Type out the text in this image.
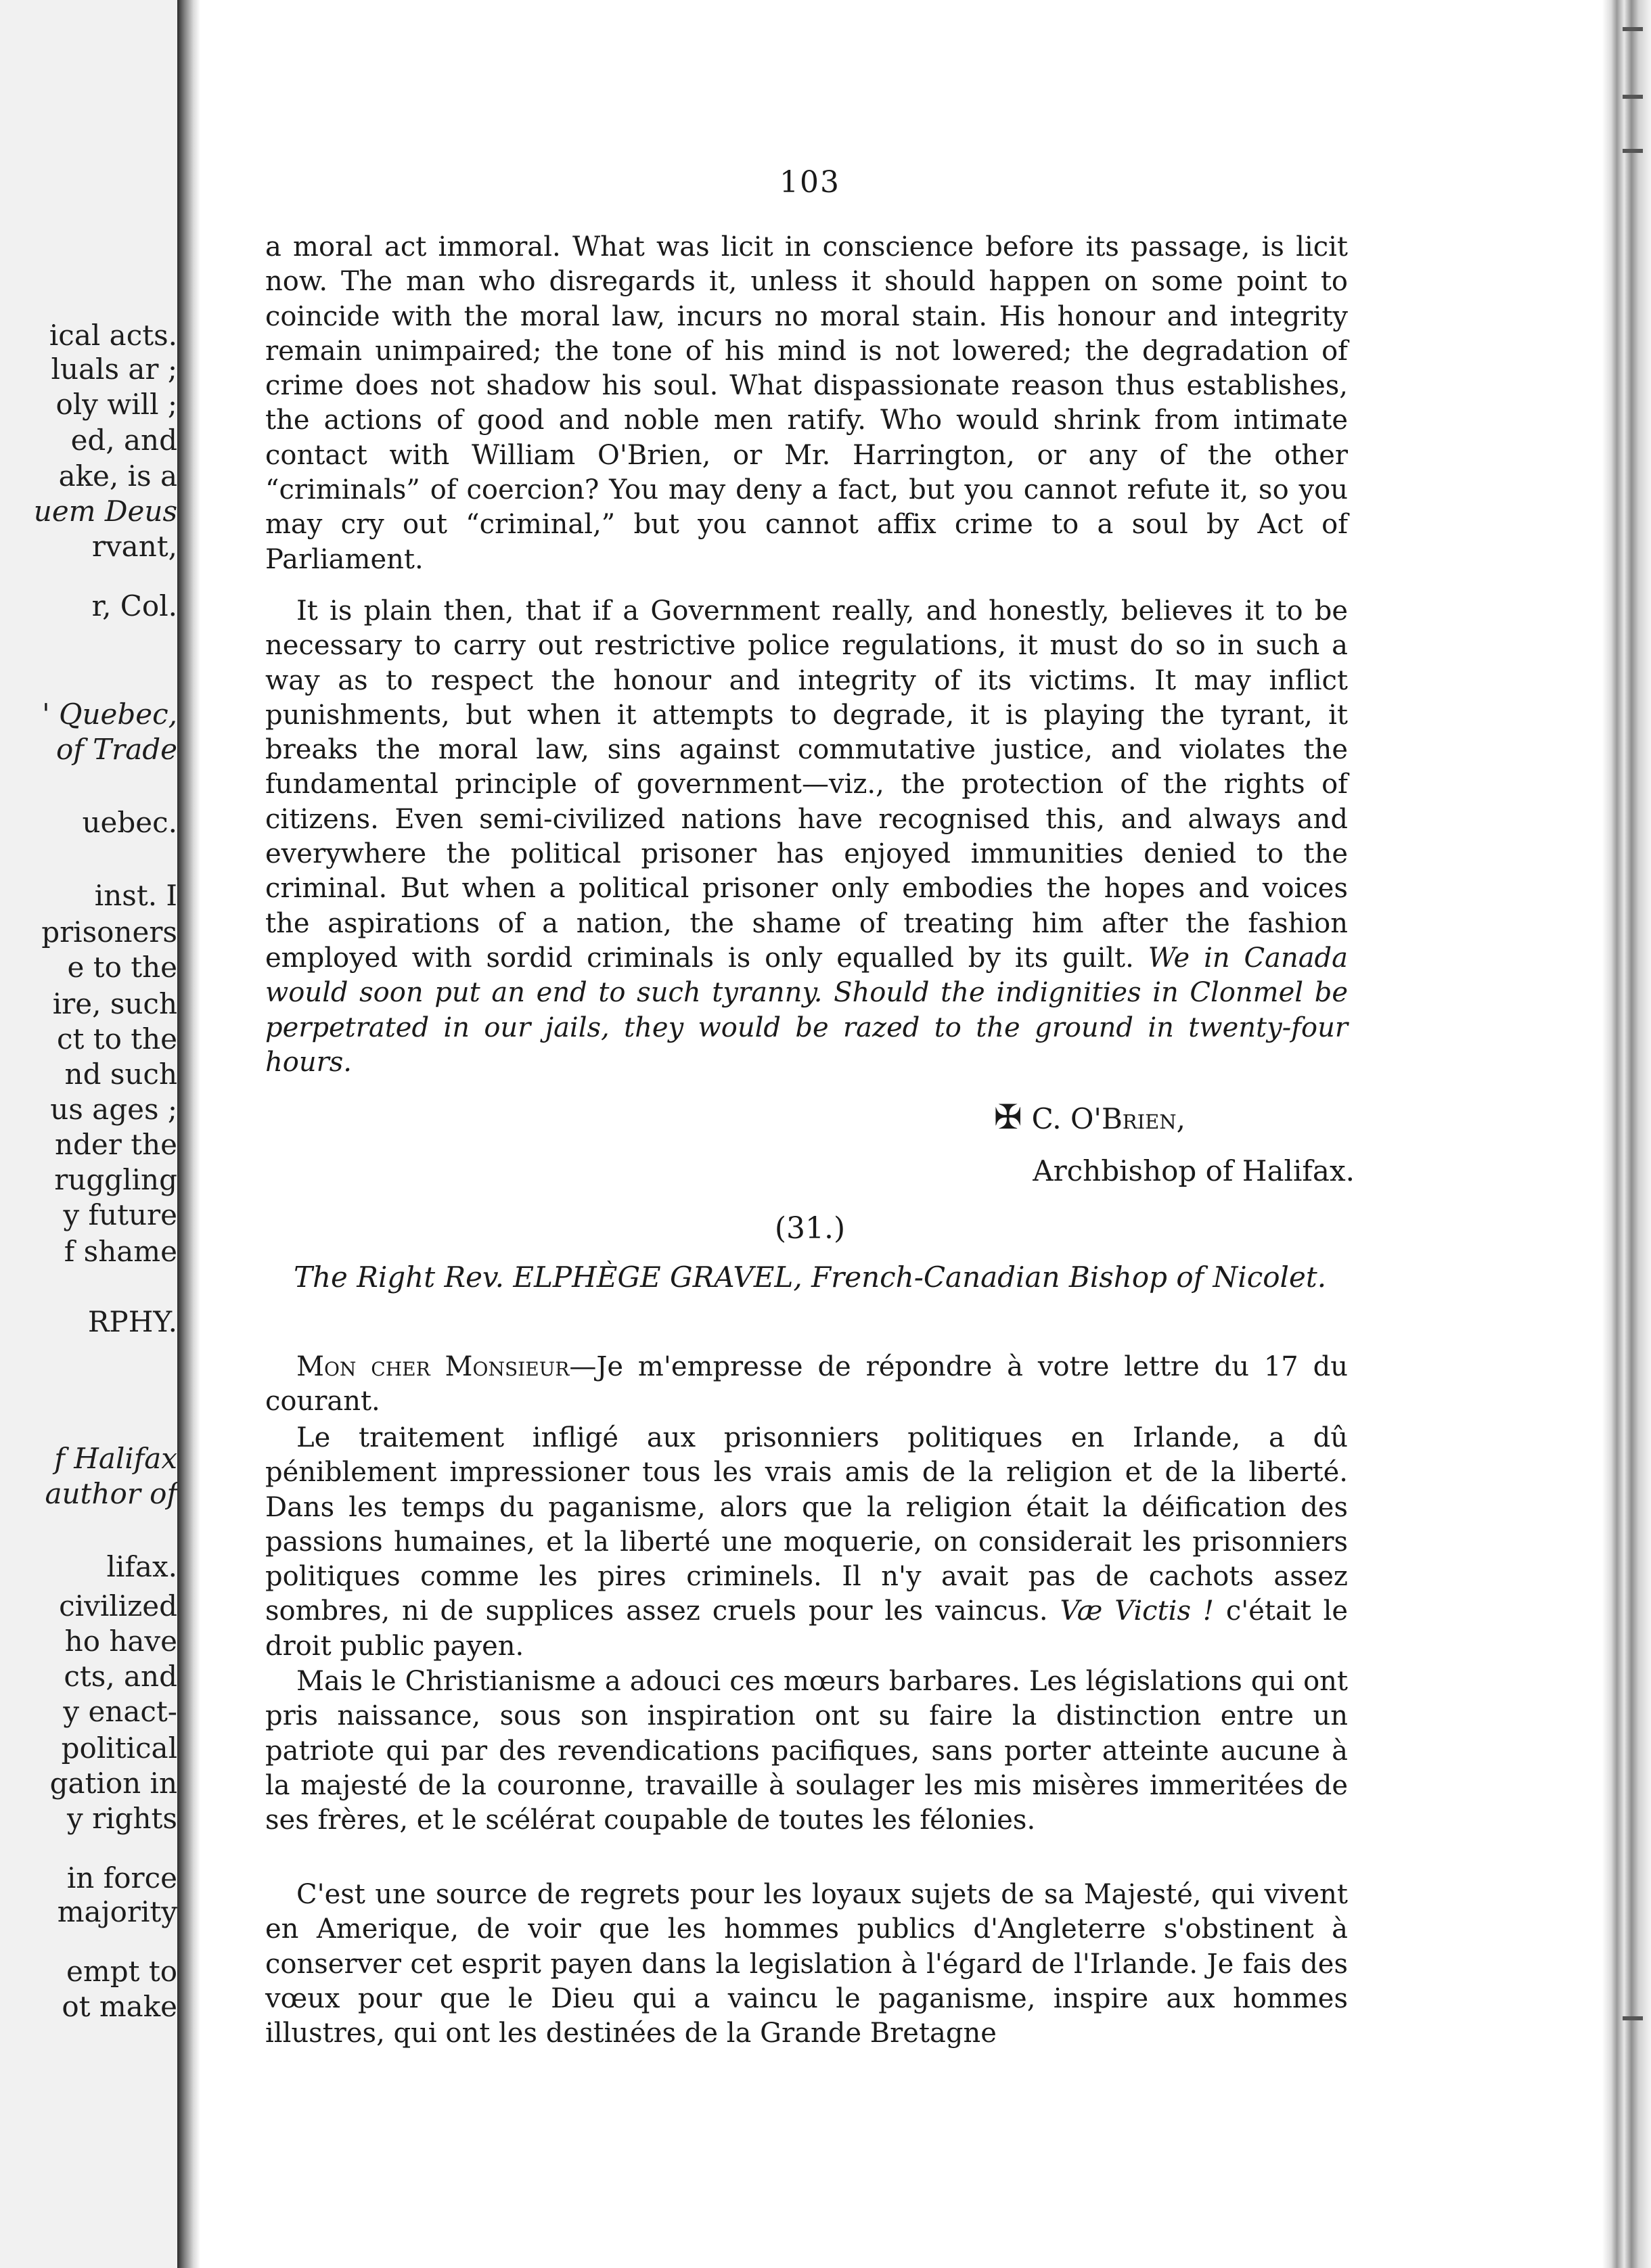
ical acts.
luals ar ;
oly will ;
ed, and
ake, is a
uem Deus
rvant,
r, Col.
' Quebec,
of Trade
uebec.
inst. I
prisoners
e to the
ire, such
ct to the
nd such
us ages ;
nder the
ruggling
y future
f shame
RPHY.
f Halifax
author of
lifax.
civilized
ho have
cts, and
y enact-
political
gation in
y rights
in force
majority
empt to
ot make
103

a moral act immoral. What was licit in conscience before its passage, is licit now. The man who disregards it, unless it should happen on some point to coincide with the moral law, incurs no moral stain. His honour and integrity remain unimpaired; the tone of his mind is not lowered; the degradation of crime does not shadow his soul. What dispassionate reason thus establishes, the actions of good and noble men ratify. Who would shrink from intimate contact with William O'Brien, or Mr. Harrington, or any of the other “criminals” of coercion? You may deny a fact, but you cannot refute it, so you may cry out “criminal,” but you cannot affix crime to a soul by Act of Parliament.

It is plain then, that if a Government really, and honestly, believes it to be necessary to carry out restrictive police regulations, it must do so in such a way as to respect the honour and integrity of its victims. It may inflict punishments, but when it attempts to degrade, it is playing the tyrant, it breaks the moral law, sins against commutative justice, and violates the fundamental principle of government—viz., the protection of the rights of citizens. Even semi-civilized nations have recognised this, and always and everywhere the political prisoner has enjoyed immunities denied to the criminal. But when a political prisoner only embodies the hopes and voices the aspirations of a nation, the shame of treating him after the fashion employed with sordid criminals is only equalled by its guilt. We in Canada would soon put an end to such tyranny. Should the indignities in Clonmel be perpetrated in our jails, they would be razed to the ground in twenty-four hours.

✠ C. O'Brien,
Archbishop of Halifax.
(31.)
The Right Rev. ELPHÈGE GRAVEL, French-Canadian Bishop of Nicolet.

Mon cher Monsieur—Je m'empresse de répondre à votre lettre du 17 du courant.

Le traitement infligé aux prisonniers politiques en Irlande, a dû péniblement impressioner tous les vrais amis de la religion et de la liberté. Dans les temps du paganisme, alors que la religion était la déification des passions humaines, et la liberté une moquerie, on considerait les prisonniers politiques comme les pires criminels. Il n'y avait pas de cachots assez sombres, ni de supplices assez cruels pour les vaincus. Væ Victis ! c'était le droit public payen.

Mais le Christianisme a adouci ces mœurs barbares. Les législations qui ont pris naissance, sous son inspiration ont su faire la distinction entre un patriote qui par des revendications pacifiques, sans porter atteinte aucune à la majesté de la couronne, travaille à soulager les mis misères immeritées de ses frères, et le scélérat coupable de toutes les félonies.

C'est une source de regrets pour les loyaux sujets de sa Majesté, qui vivent en Amerique, de voir que les hommes publics d'Angleterre s'obstinent à conserver cet esprit payen dans la legislation à l'égard de l'Irlande. Je fais des vœux pour que le Dieu qui a vaincu le paganisme, inspire aux hommes illustres, qui ont les destinées de la Grande Bretagne
